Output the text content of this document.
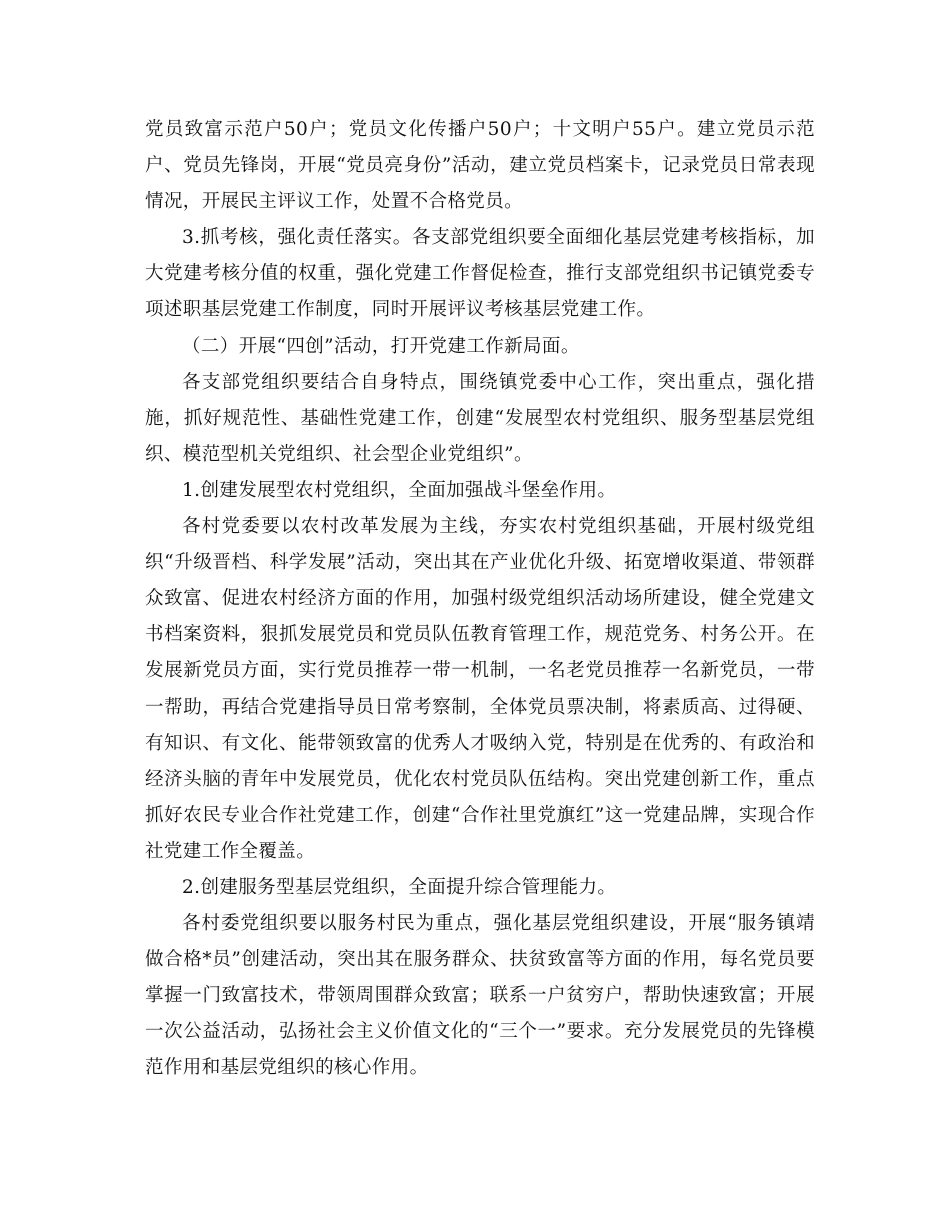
党员致富示范户50户；党员文化传播户50户；十文明户55户。建立党员示范户、党员先锋岗，开展“党员亮身份”活动，建立党员档案卡，记录党员日常表现情况，开展民主评议工作，处置不合格党员。

3.抓考核，强化责任落实。各支部党组织要全面细化基层党建考核指标，加大党建考核分值的权重，强化党建工作督促检查，推行支部党组织书记镇党委专项述职基层党建工作制度，同时开展评议考核基层党建工作。

（二）开展“四创”活动，打开党建工作新局面。

各支部党组织要结合自身特点，围绕镇党委中心工作，突出重点，强化措施，抓好规范性、基础性党建工作，创建“发展型农村党组织、服务型基层党组织、模范型机关党组织、社会型企业党组织”。

1.创建发展型农村党组织，全面加强战斗堡垒作用。

各村党委要以农村改革发展为主线，夯实农村党组织基础，开展村级党组织“升级晋档、科学发展”活动，突出其在产业优化升级、拓宽增收渠道、带领群众致富、促进农村经济方面的作用，加强村级党组织活动场所建设，健全党建文书档案资料，狠抓发展党员和党员队伍教育管理工作，规范党务、村务公开。在发展新党员方面，实行党员推荐一带一机制，一名老党员推荐一名新党员，一带一帮助，再结合党建指导员日常考察制，全体党员票决制，将素质高、过得硬、有知识、有文化、能带领致富的优秀人才吸纳入党，特别是在优秀的、有政治和经济头脑的青年中发展党员，优化农村党员队伍结构。突出党建创新工作，重点抓好农民专业合作社党建工作，创建“合作社里党旗红”这一党建品牌，实现合作社党建工作全覆盖。

2.创建服务型基层党组织，全面提升综合管理能力。

各村委党组织要以服务村民为重点，强化基层党组织建设，开展“服务镇靖做合格*员”创建活动，突出其在服务群众、扶贫致富等方面的作用，每名党员要掌握一门致富技术，带领周围群众致富；联系一户贫穷户，帮助快速致富；开展一次公益活动，弘扬社会主义价值文化的“三个一”要求。充分发展党员的先锋模范作用和基层党组织的核心作用。
